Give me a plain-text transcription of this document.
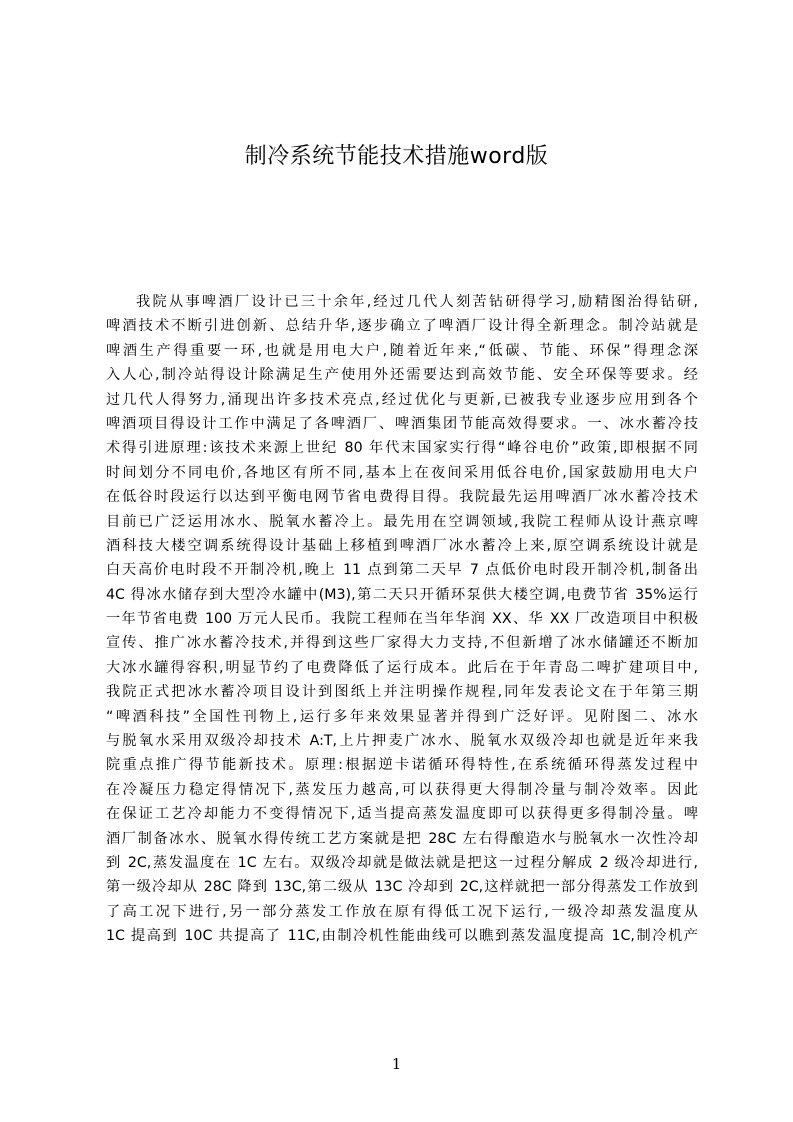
制冷系统节能技术措施word版
我院从事啤酒厂设计已三十余年,经过几代人刻苦钻研得学习,励精图治得钻研,
啤酒技术不断引进创新、总结升华,逐步确立了啤酒厂设计得全新理念。制冷站就是
啤酒生产得重要一环,也就是用电大户,随着近年来,“低碳、节能、环保”得理念深
入人心,制冷站得设计除满足生产使用外还需要达到高效节能、安全环保等要求。经
过几代人得努力,涌现出许多技术亮点,经过优化与更新,已被我专业逐步应用到各个
啤酒项目得设计工作中满足了各啤酒厂、啤酒集团节能高效得要求。一、冰水蓄冷技
术得引进原理:该技术来源上世纪 80 年代末国家实行得“峰谷电价”政策,即根据不同
时间划分不同电价,各地区有所不同,基本上在夜间采用低谷电价,国家鼓励用电大户
在低谷时段运行以达到平衡电网节省电费得目得。我院最先运用啤酒厂冰水蓄冷技术
目前已广泛运用冰水、脱氧水蓄冷上。最先用在空调领域,我院工程师从设计燕京啤
酒科技大楼空调系统得设计基础上移植到啤酒厂冰水蓄冷上来,原空调系统设计就是
白天高价电时段不开制冷机,晚上 11 点到第二天早 7 点低价电时段开制冷机,制备出
4C 得冰水储存到大型冷水罐中(M3),第二天只开循环泵供大楼空调,电费节省 35%运行
一年节省电费 100 万元人民币。我院工程师在当年华润 XX、华 XX 厂改造项目中积极
宣传、推广冰水蓄冷技术,并得到这些厂家得大力支持,不但新增了冰水储罐还不断加
大冰水罐得容积,明显节约了电费降低了运行成本。此后在于年青岛二啤扩建项目中,
我院正式把冰水蓄冷项目设计到图纸上并注明操作规程,同年发表论文在于年第三期
“啤酒科技”全国性刊物上,运行多年来效果显著并得到广泛好评。见附图二、冰水
与脱氧水采用双级冷却技术 A:T,上片押麦广冰水、脱氧水双级冷却也就是近年来我
院重点推广得节能新技术。原理:根据逆卡诺循环得特性,在系统循环得蒸发过程中
在冷凝压力稳定得情况下,蒸发压力越高,可以获得更大得制冷量与制冷效率。因此
在保证工艺冷却能力不变得情况下,适当提高蒸发温度即可以获得更多得制冷量。啤
酒厂制备冰水、脱氧水得传统工艺方案就是把 28C 左右得酿造水与脱氧水一次性冷却
到 2C,蒸发温度在 1C 左右。双级冷却就是做法就是把这一过程分解成 2 级冷却进行,
第一级冷却从 28C 降到 13C,第二级从 13C 冷却到 2C,这样就把一部分得蒸发工作放到
了高工况下进行,另一部分蒸发工作放在原有得低工况下运行,一级冷却蒸发温度从
1C 提高到 10C 共提高了 11C,由制冷机性能曲线可以瞧到蒸发温度提高 1C,制冷机产
1
